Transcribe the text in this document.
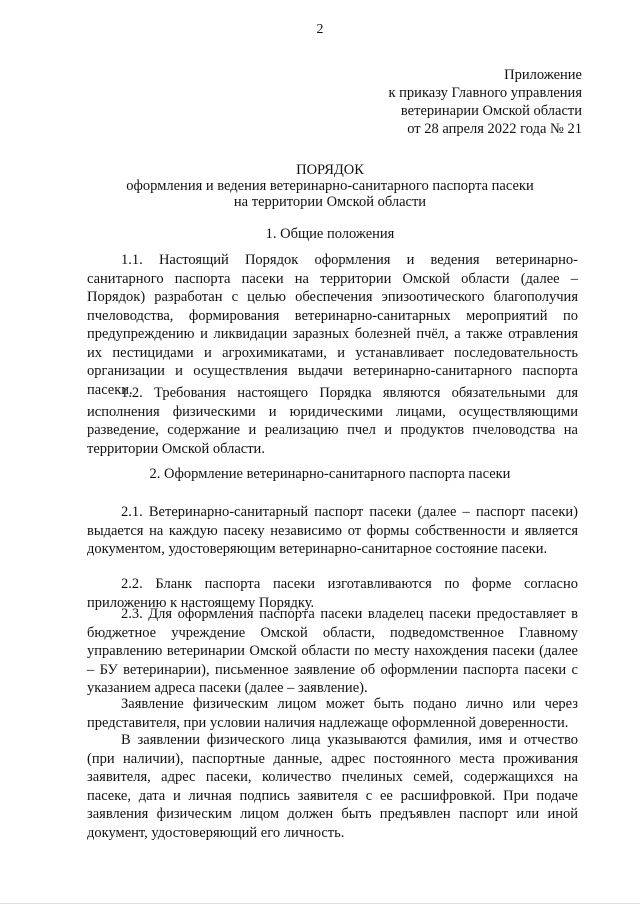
2
Приложение
к приказу Главного управления
ветеринарии Омской области
от 28 апреля 2022 года № 21
ПОРЯДОК
оформления и ведения ветеринарно-санитарного паспорта пасеки
на территории Омской области
1. Общие положения

1.1. Настоящий Порядок оформления и ведения ветеринарно-санитарного паспорта пасеки на территории Омской области (далее – Порядок) разработан с целью обеспечения эпизоотического благополучия пчеловодства, формирования ветеринарно-санитарных мероприятий по предупреждению и ликвидации заразных болезней пчёл, а также отравления их пестицидами и агрохимикатами, и устанавливает последовательность организации и осуществления выдачи ветеринарно-санитарного паспорта пасеки.

1.2. Требования настоящего Порядка являются обязательными для исполнения физическими и юридическими лицами, осуществляющими разведение, содержание и реализацию пчел и продуктов пчеловодства на территории Омской области.

2. Оформление ветеринарно-санитарного паспорта пасеки

2.1. Ветеринарно-санитарный паспорт пасеки (далее – паспорт пасеки) выдается на каждую пасеку независимо от формы собственности и является документом, удостоверяющим ветеринарно-санитарное состояние пасеки.

2.2. Бланк паспорта пасеки изготавливаются по форме согласно приложению к настоящему Порядку.

2.3. Для оформления паспорта пасеки владелец пасеки предоставляет в бюджетное учреждение Омской области, подведомственное Главному управлению ветеринарии Омской области по месту нахождения пасеки (далее – БУ ветеринарии), письменное заявление об оформлении паспорта пасеки с указанием адреса пасеки (далее – заявление).

Заявление физическим лицом может быть подано лично или через представителя, при условии наличия надлежаще оформленной доверенности.

В заявлении физического лица указываются фамилия, имя и отчество (при наличии), паспортные данные, адрес постоянного места проживания заявителя, адрес пасеки, количество пчелиных семей, содержащихся на пасеке, дата и личная подпись заявителя с ее расшифровкой. При подаче заявления физическим лицом должен быть предъявлен паспорт или иной документ, удостоверяющий его личность.
